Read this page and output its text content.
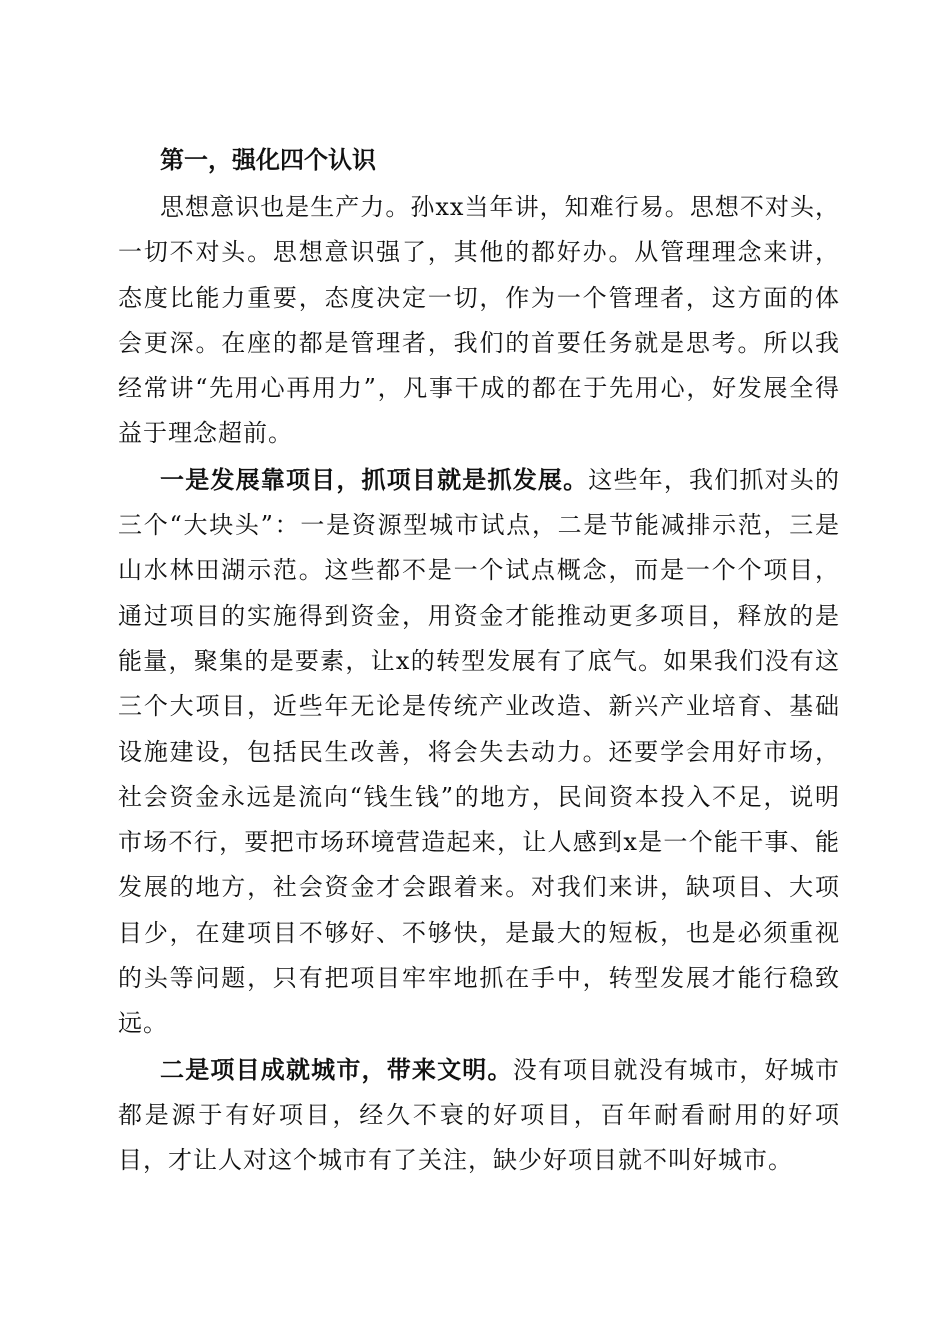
第一，强化四个认识

思想意识也是生产力。孙xx当年讲，知难行易。思想不对头，一切不对头。思想意识强了，其他的都好办。从管理理念来讲，态度比能力重要，态度决定一切，作为一个管理者，这方面的体会更深。在座的都是管理者，我们的首要任务就是思考。所以我经常讲“先用心再用力”，凡事干成的都在于先用心，好发展全得益于理念超前。

一是发展靠项目，抓项目就是抓发展。这些年，我们抓对头的三个“大块头”：一是资源型城市试点，二是节能减排示范，三是山水林田湖示范。这些都不是一个试点概念，而是一个个项目，通过项目的实施得到资金，用资金才能推动更多项目，释放的是能量，聚集的是要素，让x的转型发展有了底气。如果我们没有这三个大项目，近些年无论是传统产业改造、新兴产业培育、基础设施建设，包括民生改善，将会失去动力。还要学会用好市场，社会资金永远是流向“钱生钱”的地方，民间资本投入不足，说明市场不行，要把市场环境营造起来，让人感到x是一个能干事、能发展的地方，社会资金才会跟着来。对我们来讲，缺项目、大项目少，在建项目不够好、不够快，是最大的短板，也是必须重视的头等问题，只有把项目牢牢地抓在手中，转型发展才能行稳致远。

二是项目成就城市，带来文明。没有项目就没有城市，好城市都是源于有好项目，经久不衰的好项目，百年耐看耐用的好项目，才让人对这个城市有了关注，缺少好项目就不叫好城市。
